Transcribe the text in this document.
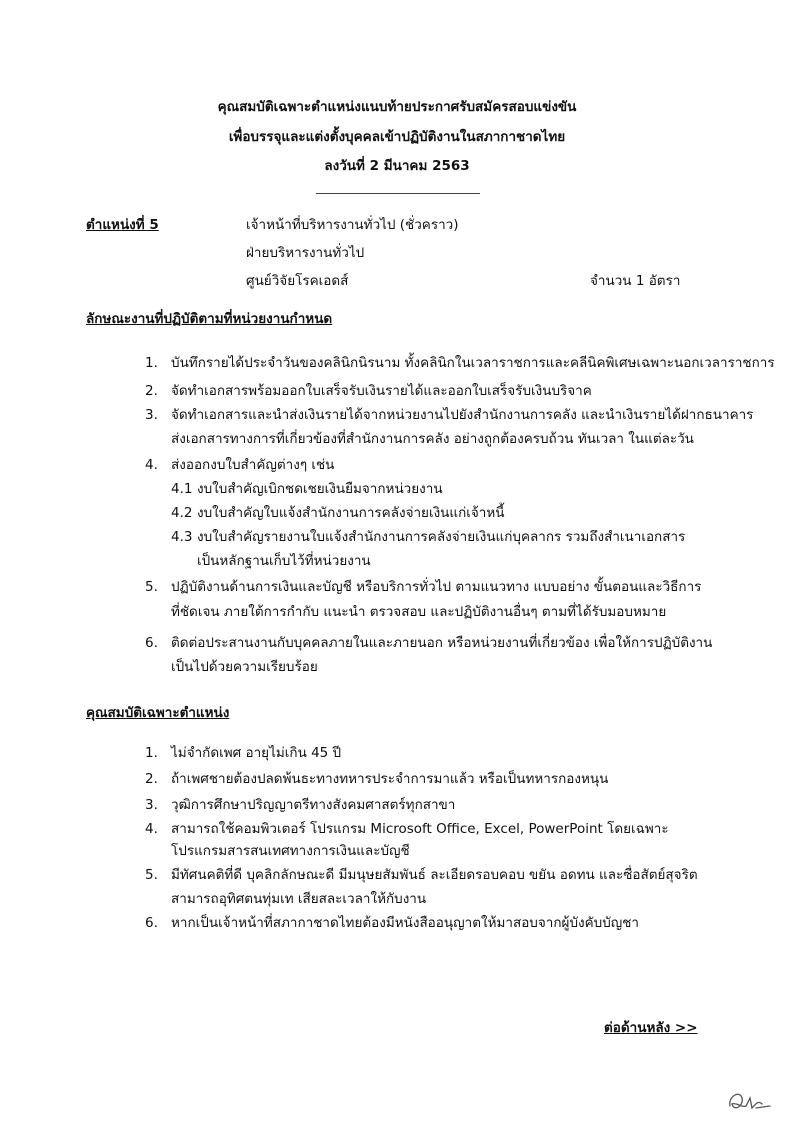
คุณสมบัติเฉพาะตำแหน่งแนบท้ายประกาศรับสมัครสอบแข่งขัน
เพื่อบรรจุและแต่งตั้งบุคคลเข้าปฏิบัติงานในสภากาชาดไทย
ลงวันที่ 2 มีนาคม 2563
ตำแหน่งที่ 5	เจ้าหน้าที่บริหารงานทั่วไป (ชั่วคราว)
ฝ่ายบริหารงานทั่วไป
ศูนย์วิจัยโรคเอดส์	จำนวน 1 อัตรา
ลักษณะงานที่ปฏิบัติตามที่หน่วยงานกำหนด
1. บันทึกรายได้ประจำวันของคลินิกนิรนาม ทั้งคลินิกในเวลาราชการและคลีนิคพิเศษเฉพาะนอกเวลาราชการ
2. จัดทำเอกสารพร้อมออกใบเสร็จรับเงินรายได้และออกใบเสร็จรับเงินบริจาค
3. จัดทำเอกสารและนำส่งเงินรายได้จากหน่วยงานไปยังสำนักงานการคลัง และนำเงินรายได้ฝากธนาคาร
ส่งเอกสารทางการที่เกี่ยวข้องที่สำนักงานการคลัง อย่างถูกต้องครบถ้วน ทันเวลา ในแต่ละวัน
4. ส่งออกงบใบสำคัญต่างๆ เช่น
4.1 งบใบสำคัญเบิกชดเชยเงินยืมจากหน่วยงาน
4.2 งบใบสำคัญใบแจ้งสำนักงานการคลังจ่ายเงินแก่เจ้าหนี้
4.3 งบใบสำคัญรายงานใบแจ้งสำนักงานการคลังจ่ายเงินแก่บุคลากร รวมถึงสำเนาเอกสาร
เป็นหลักฐานเก็บไว้ที่หน่วยงาน
5. ปฏิบัติงานด้านการเงินและบัญชี หรือบริการทั่วไป ตามแนวทาง แบบอย่าง ขั้นตอนและวิธีการ
ที่ชัดเจน ภายใต้การกำกับ แนะนำ ตรวจสอบ และปฏิบัติงานอื่นๆ ตามที่ได้รับมอบหมาย
6. ติดต่อประสานงานกับบุคคลภายในและภายนอก หรือหน่วยงานที่เกี่ยวข้อง เพื่อให้การปฏิบัติงาน
เป็นไปด้วยความเรียบร้อย
คุณสมบัติเฉพาะตำแหน่ง
1. ไม่จำกัดเพศ อายุไม่เกิน 45 ปี
2. ถ้าเพศชายต้องปลดพ้นธะทางทหารประจำการมาแล้ว หรือเป็นทหารกองหนุน
3. วุฒิการศึกษาปริญญาตรีทางสังคมศาสตร์ทุกสาขา
4. สามารถใช้คอมพิวเตอร์ โปรแกรม Microsoft Office, Excel, PowerPoint โดยเฉพาะ
โปรแกรมสารสนเทศทางการเงินและบัญชี
5. มีทัศนคติที่ดี บุคลิกลักษณะดี มีมนุษยสัมพันธ์ ละเอียดรอบคอบ ขยัน อดทน และซื่อสัตย์สุจริต
สามารถอุทิศตนทุ่มเท เสียสละเวลาให้กับงาน
6. หากเป็นเจ้าหน้าที่สภากาชาดไทยต้องมีหนังสืออนุญาตให้มาสอบจากผู้บังคับบัญชา
ต่อด้านหลัง >>
